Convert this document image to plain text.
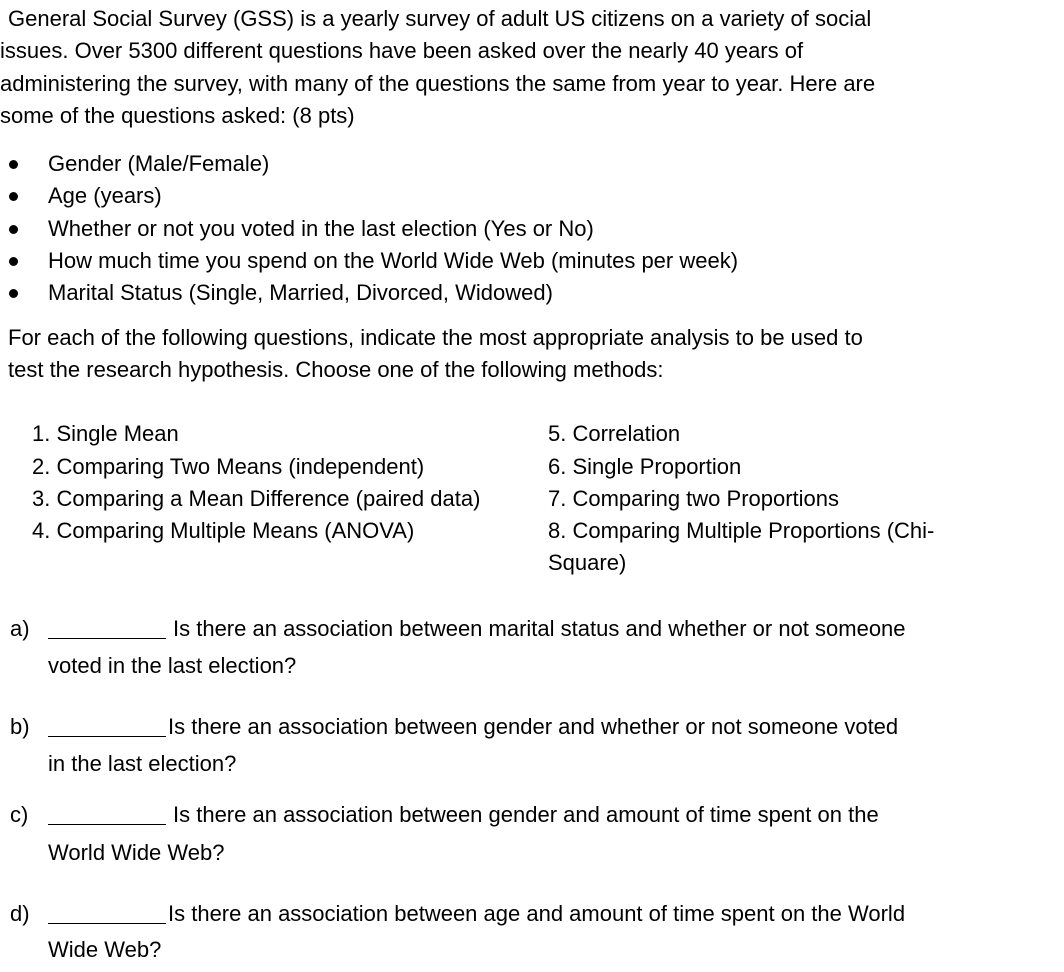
General Social Survey (GSS) is a yearly survey of adult US citizens on a variety of social
issues. Over 5300 different questions have been asked over the nearly 40 years of
administering the survey, with many of the questions the same from year to year. Here are
some of the questions asked: (8 pts)
Gender (Male/Female)
Age (years)
Whether or not you voted in the last election (Yes or No)
How much time you spend on the World Wide Web (minutes per week)
Marital Status (Single, Married, Divorced, Widowed)
For each of the following questions, indicate the most appropriate analysis to be used to
test the research hypothesis. Choose one of the following methods:
1. Single Mean
2. Comparing Two Means (independent)
3. Comparing a Mean Difference (paired data)
4. Comparing Multiple Means (ANOVA)
5. Correlation
6. Single Proportion
7. Comparing two Proportions
8. Comparing Multiple Proportions (Chi-
Square)
a)	Is there an association between marital status and whether or not someone
voted in the last election?
b)	Is there an association between gender and whether or not someone voted
in the last election?
c)	Is there an association between gender and amount of time spent on the
World Wide Web?
d)	Is there an association between age and amount of time spent on the World
Wide Web?
